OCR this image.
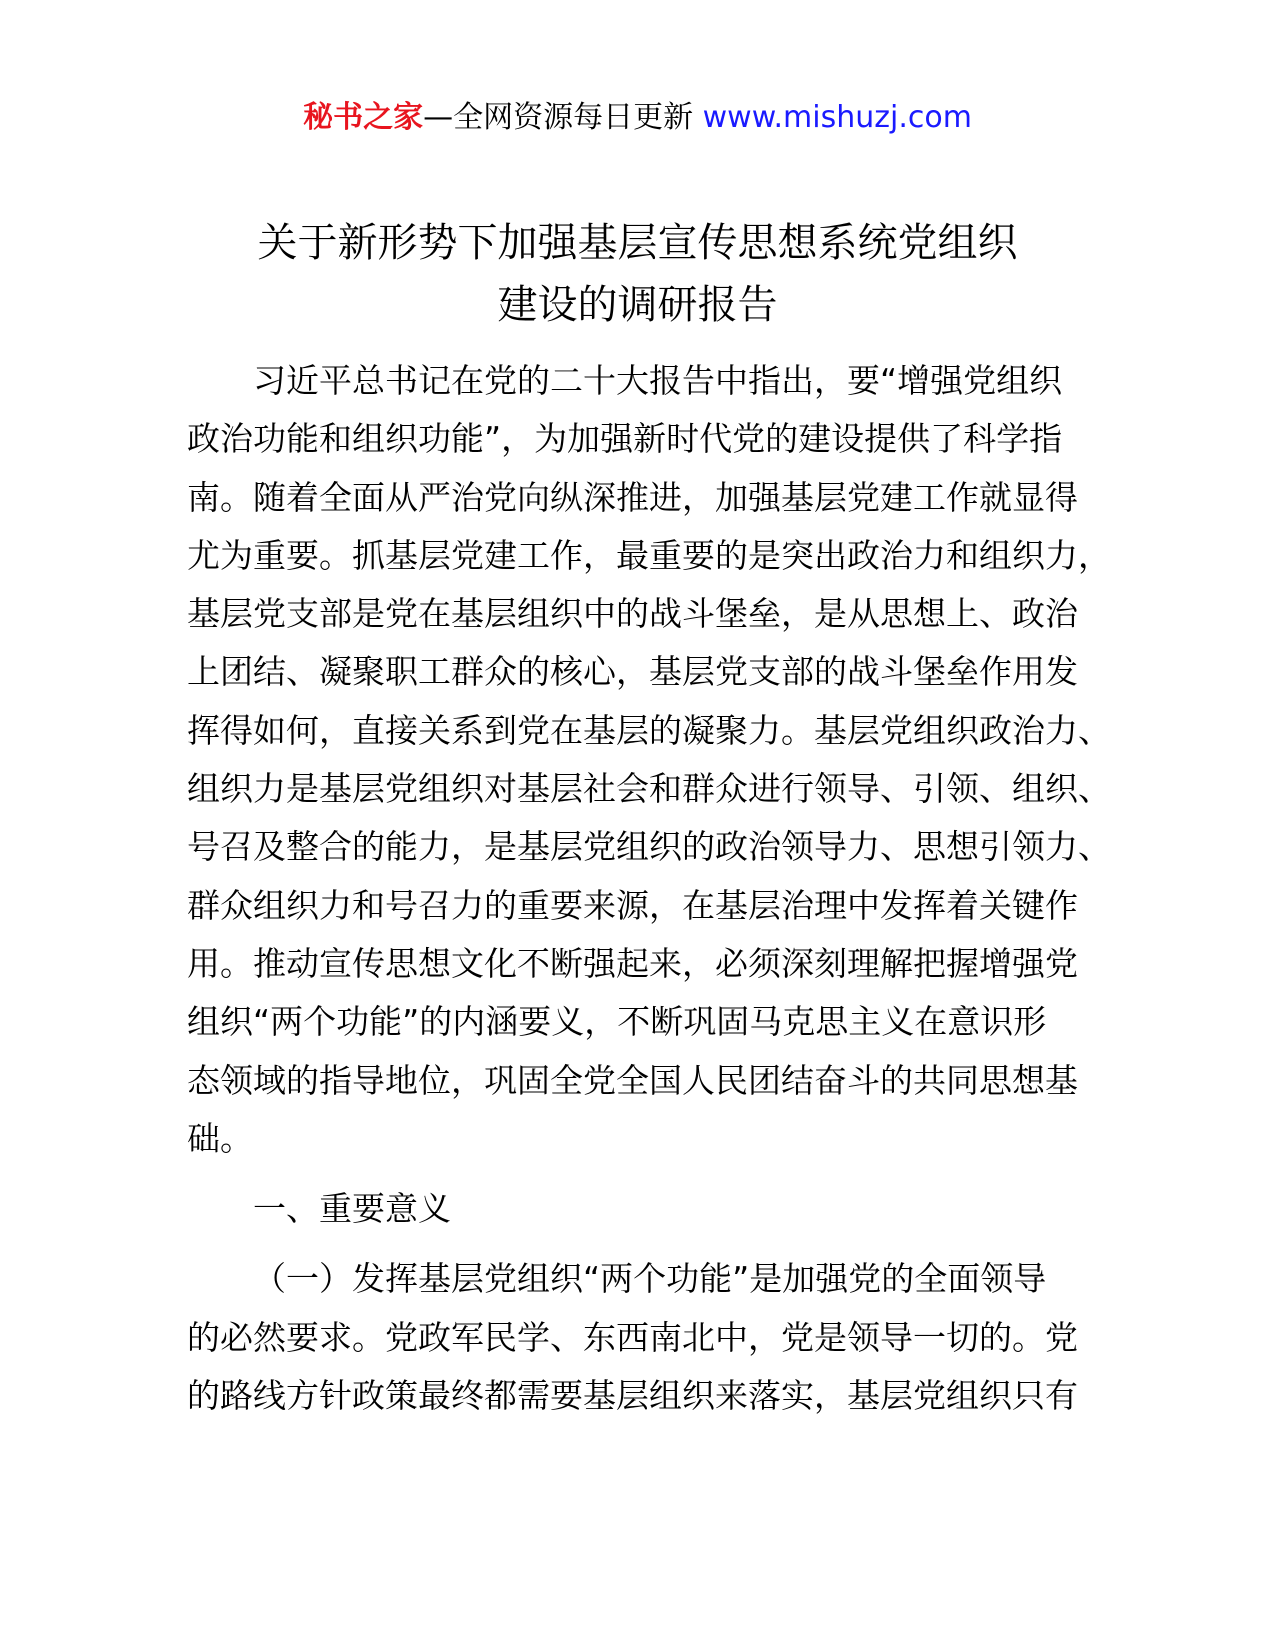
秘书之家—全网资源每日更新 www.mishuzj.com
关于新形势下加强基层宣传思想系统党组织
建设的调研报告
习近平总书记在党的二十大报告中指出，要“增强党组织
政治功能和组织功能”，为加强新时代党的建设提供了科学指
南。随着全面从严治党向纵深推进，加强基层党建工作就显得
尤为重要。抓基层党建工作，最重要的是突出政治力和组织力，
基层党支部是党在基层组织中的战斗堡垒，是从思想上、政治
上团结、凝聚职工群众的核心，基层党支部的战斗堡垒作用发
挥得如何，直接关系到党在基层的凝聚力。基层党组织政治力、
组织力是基层党组织对基层社会和群众进行领导、引领、组织、
号召及整合的能力，是基层党组织的政治领导力、思想引领力、
群众组织力和号召力的重要来源，在基层治理中发挥着关键作
用。推动宣传思想文化不断强起来，必须深刻理解把握增强党
组织“两个功能”的内涵要义，不断巩固马克思主义在意识形
态领域的指导地位，巩固全党全国人民团结奋斗的共同思想基
础。
一、重要意义
（一）发挥基层党组织“两个功能”是加强党的全面领导
的必然要求。党政军民学、东西南北中，党是领导一切的。党
的路线方针政策最终都需要基层组织来落实，基层党组织只有
